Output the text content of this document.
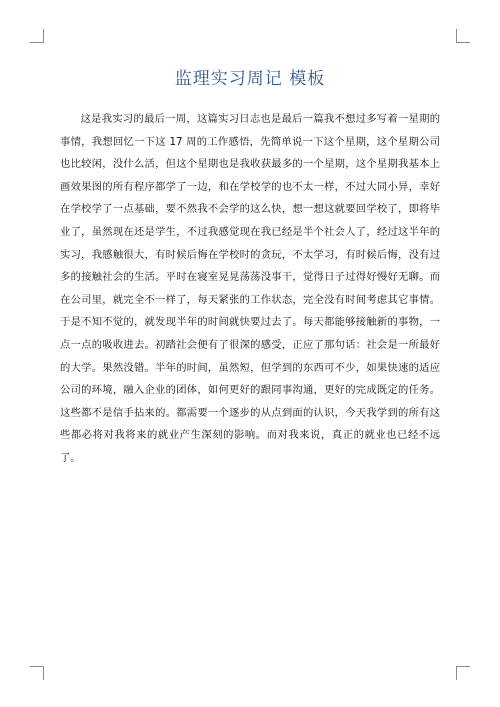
监理实习周记 模板

这是我实习的最后一周，这篇实习日志也是最后一篇我不想过多写着一星期的事情，我想回忆一下这 17 周的工作感悟，先简单说一下这个星期，这个星期公司也比较闲，没什么活，但这个星期也是我收获最多的一个星期，这个星期我基本上画效果图的所有程序都学了一边，和在学校学的也不太一样，不过大同小异，幸好在学校学了一点基础，要不然我不会学的这么快，想一想这就要回学校了，即将毕业了，虽然现在还是学生，不过我感觉现在我已经是半个社会人了，经过这半年的实习，我感触很大，有时候后悔在学校时的贪玩，不太学习，有时候后悔，没有过多的接触社会的生活。平时在寝室晃晃荡荡没事干，觉得日子过得好慢好无聊。而在公司里，就完全不一样了，每天紧张的工作状态，完全没有时间考虑其它事情。于是不知不觉的，就发现半年的时间就快要过去了。每天都能够接触新的事物，一点一点的吸收进去。初踏社会便有了很深的感受，正应了那句话：社会是一所最好的大学。果然没错。半年的时间，虽然短，但学到的东西可不少，如果快速的适应公司的环境，融入企业的团体，如何更好的跟同事沟通，更好的完成既定的任务。这些都不是信手拈来的。都需要一个逐步的从点到面的认识，今天我学到的所有这些都必将对我将来的就业产生深刻的影响。而对我来说，真正的就业也已经不远了。
